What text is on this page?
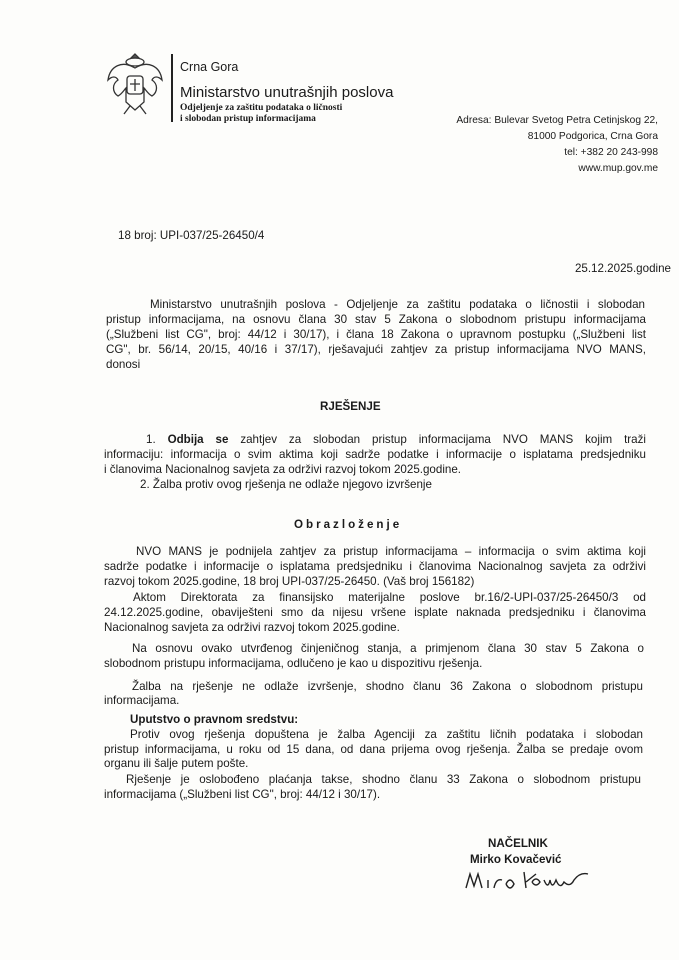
Crna Gora
Ministarstvo unutrašnjih poslova
Odjeljenje za zaštitu podataka o ličnosti
i slobodan pristup informacijama	Adresa: Bulevar Svetog Petra Cetinjskog 22,
81000 Podgorica, Crna Gora
tel: +382 20 243-998
www.mup.gov.me
18 broj: UPI-037/25-26450/4
25.12.2025.godine
Ministarstvo unutrašnjih poslova - Odjeljenje za zaštitu podataka o ličnostii i slobodan
pristup informacijama, na osnovu člana 30 stav 5 Zakona o slobodnom pristupu informacijama
(„Službeni list CG", broj: 44/12 i 30/17), i člana 18 Zakona o upravnom postupku („Službeni list
CG", br. 56/14, 20/15, 40/16 i 37/17), rješavajući zahtjev za pristup informacijama NVO MANS,
donosi
RJEŠENJE
1. Odbija se zahtjev za slobodan pristup informacijama NVO MANS kojim traži
informaciju: informacija o svim aktima koji sadrže podatke i informacije o isplatama predsjedniku
i članovima Nacionalnog savjeta za održivi razvoj tokom 2025.godine.
2. Žalba protiv ovog rješenja ne odlaže njegovo izvršenje
Obrazloženje
NVO MANS je podnijela zahtjev za pristup informacijama – informacija o svim aktima koji
sadrže podatke i informacije o isplatama predsjedniku i članovima Nacionalnog savjeta za održivi
razvoj tokom 2025.godine, 18 broj UPI-037/25-26450. (Vaš broj 156182)
Aktom Direktorata za finansijsko materijalne poslove br.16/2-UPI-037/25-26450/3 od
24.12.2025.godine, obaviješteni smo da nijesu vršene isplate naknada predsjedniku i članovima
Nacionalnog savjeta za održivi razvoj tokom 2025.godine.
Na osnovu ovako utvrđenog činjeničnog stanja, a primjenom člana 30 stav 5 Zakona o
slobodnom pristupu informacijama, odlučeno je kao u dispozitivu rješenja.
Žalba na rješenje ne odlaže izvršenje, shodno članu 36 Zakona o slobodnom pristupu
informacijama.
Uputstvo o pravnom sredstvu:
Protiv ovog rješenja dopuštena je žalba Agenciji za zaštitu ličnih podataka i slobodan
pristup informacijama, u roku od 15 dana, od dana prijema ovog rješenja. Žalba se predaje ovom
organu ili šalje putem pošte.
Rješenje je oslobođeno plaćanja takse, shodno članu 33 Zakona o slobodnom pristupu
informacijama („Službeni list CG", broj: 44/12 i 30/17).
NAČELNIK
Mirko Kovačević
